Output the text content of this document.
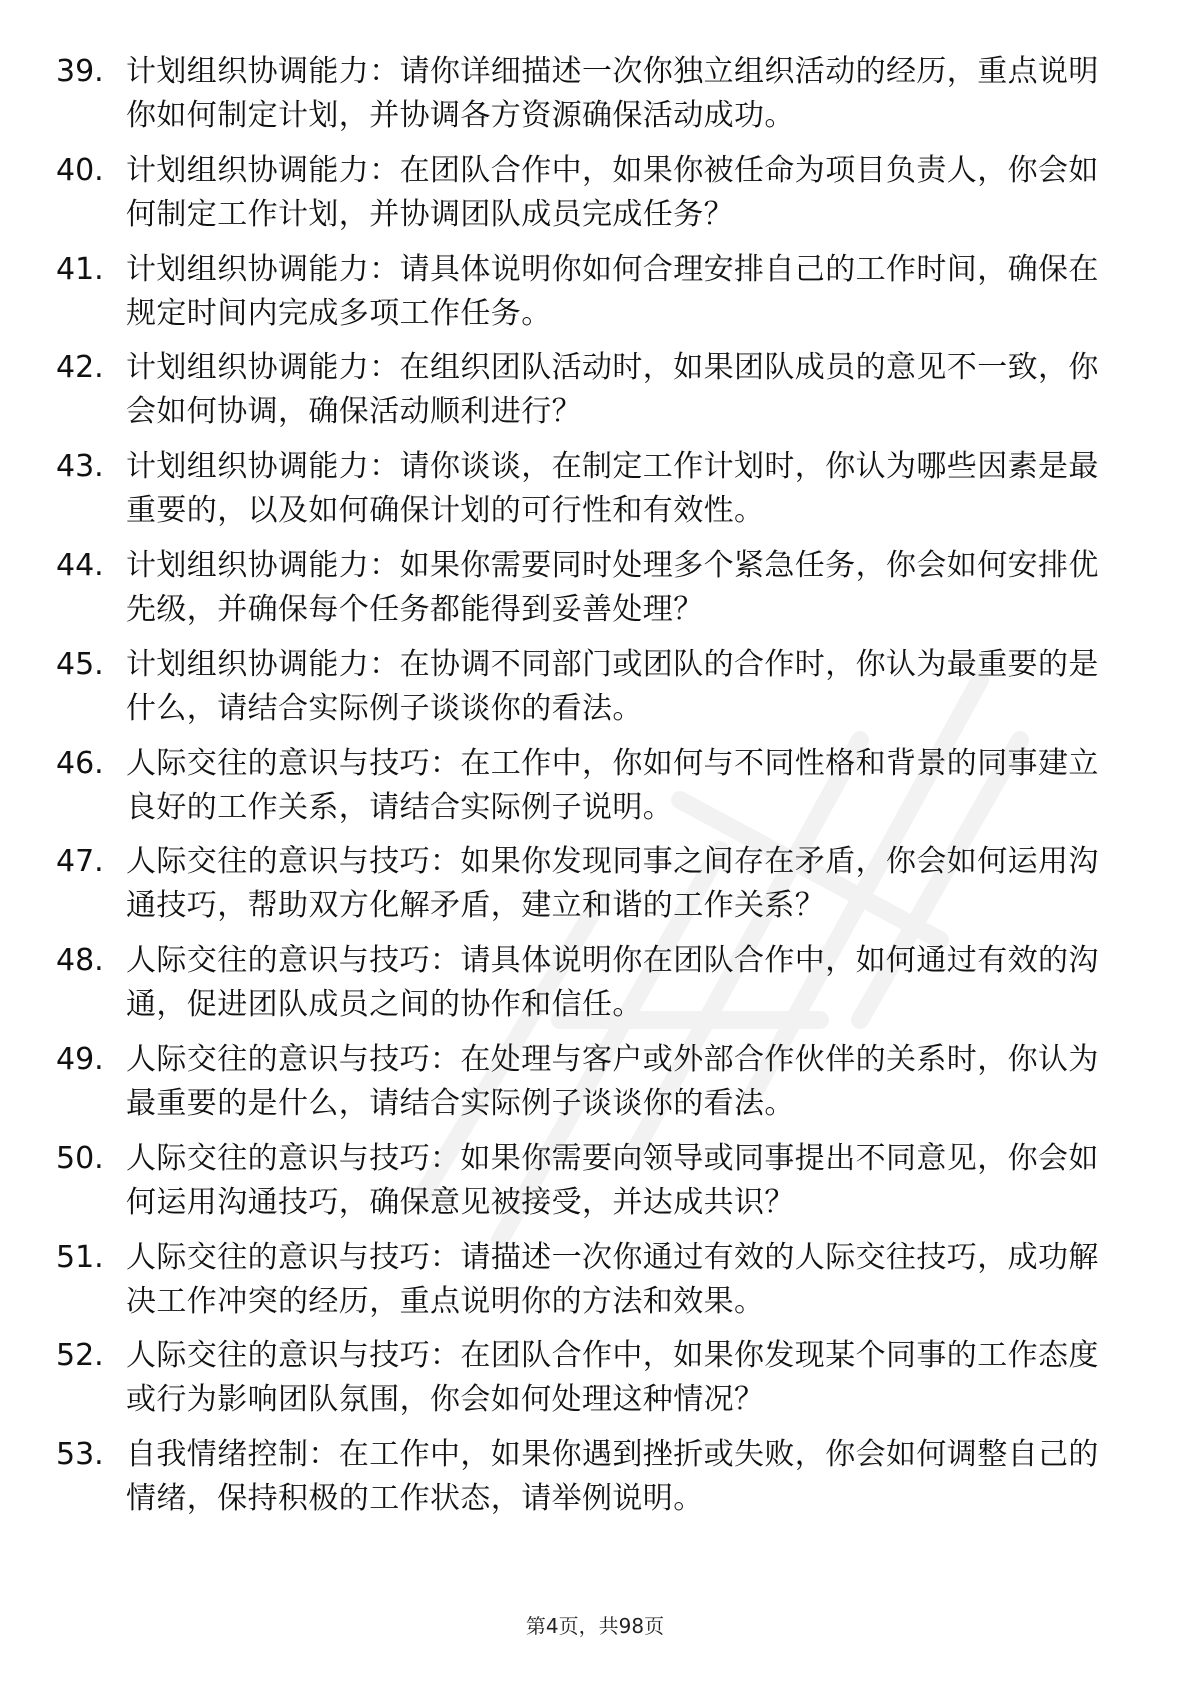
39. 计划组织协调能力：请你详细描述一次你独立组织活动的经历，重点说明你如何制定计划，并协调各方资源确保活动成功。
40. 计划组织协调能力：在团队合作中，如果你被任命为项目负责人，你会如何制定工作计划，并协调团队成员完成任务？
41. 计划组织协调能力：请具体说明你如何合理安排自己的工作时间，确保在规定时间内完成多项工作任务。
42. 计划组织协调能力：在组织团队活动时，如果团队成员的意见不一致，你会如何协调，确保活动顺利进行？
43. 计划组织协调能力：请你谈谈，在制定工作计划时，你认为哪些因素是最重要的，以及如何确保计划的可行性和有效性。
44. 计划组织协调能力：如果你需要同时处理多个紧急任务，你会如何安排优先级，并确保每个任务都能得到妥善处理？
45. 计划组织协调能力：在协调不同部门或团队的合作时，你认为最重要的是什么，请结合实际例子谈谈你的看法。
46. 人际交往的意识与技巧：在工作中，你如何与不同性格和背景的同事建立良好的工作关系，请结合实际例子说明。
47. 人际交往的意识与技巧：如果你发现同事之间存在矛盾，你会如何运用沟通技巧，帮助双方化解矛盾，建立和谐的工作关系？
48. 人际交往的意识与技巧：请具体说明你在团队合作中，如何通过有效的沟通，促进团队成员之间的协作和信任。
49. 人际交往的意识与技巧：在处理与客户或外部合作伙伴的关系时，你认为最重要的是什么，请结合实际例子谈谈你的看法。
50. 人际交往的意识与技巧：如果你需要向领导或同事提出不同意见，你会如何运用沟通技巧，确保意见被接受，并达成共识？
51. 人际交往的意识与技巧：请描述一次你通过有效的人际交往技巧，成功解决工作冲突的经历，重点说明你的方法和效果。
52. 人际交往的意识与技巧：在团队合作中，如果你发现某个同事的工作态度或行为影响团队氛围，你会如何处理这种情况？
53. 自我情绪控制：在工作中，如果你遇到挫折或失败，你会如何调整自己的情绪，保持积极的工作状态，请举例说明。
第4页，共98页
